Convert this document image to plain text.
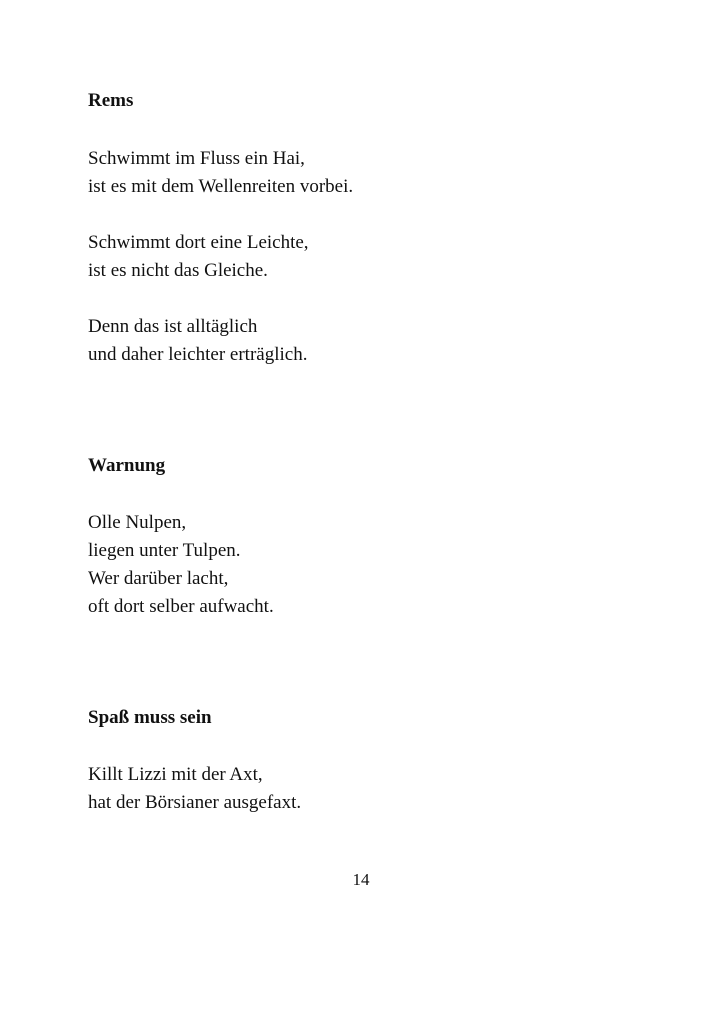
Rems

Schwimmt im Fluss ein Hai,

ist es mit dem Wellenreiten vorbei.

Schwimmt dort eine Leichte,

ist es nicht das Gleiche.

Denn das ist alltäglich

und daher leichter erträglich.

Warnung

Olle Nulpen,

liegen unter Tulpen.

Wer darüber lacht,

oft dort selber aufwacht.

Spaß muss sein

Killt Lizzi mit der Axt,

hat der Börsianer ausgefaxt.

14
